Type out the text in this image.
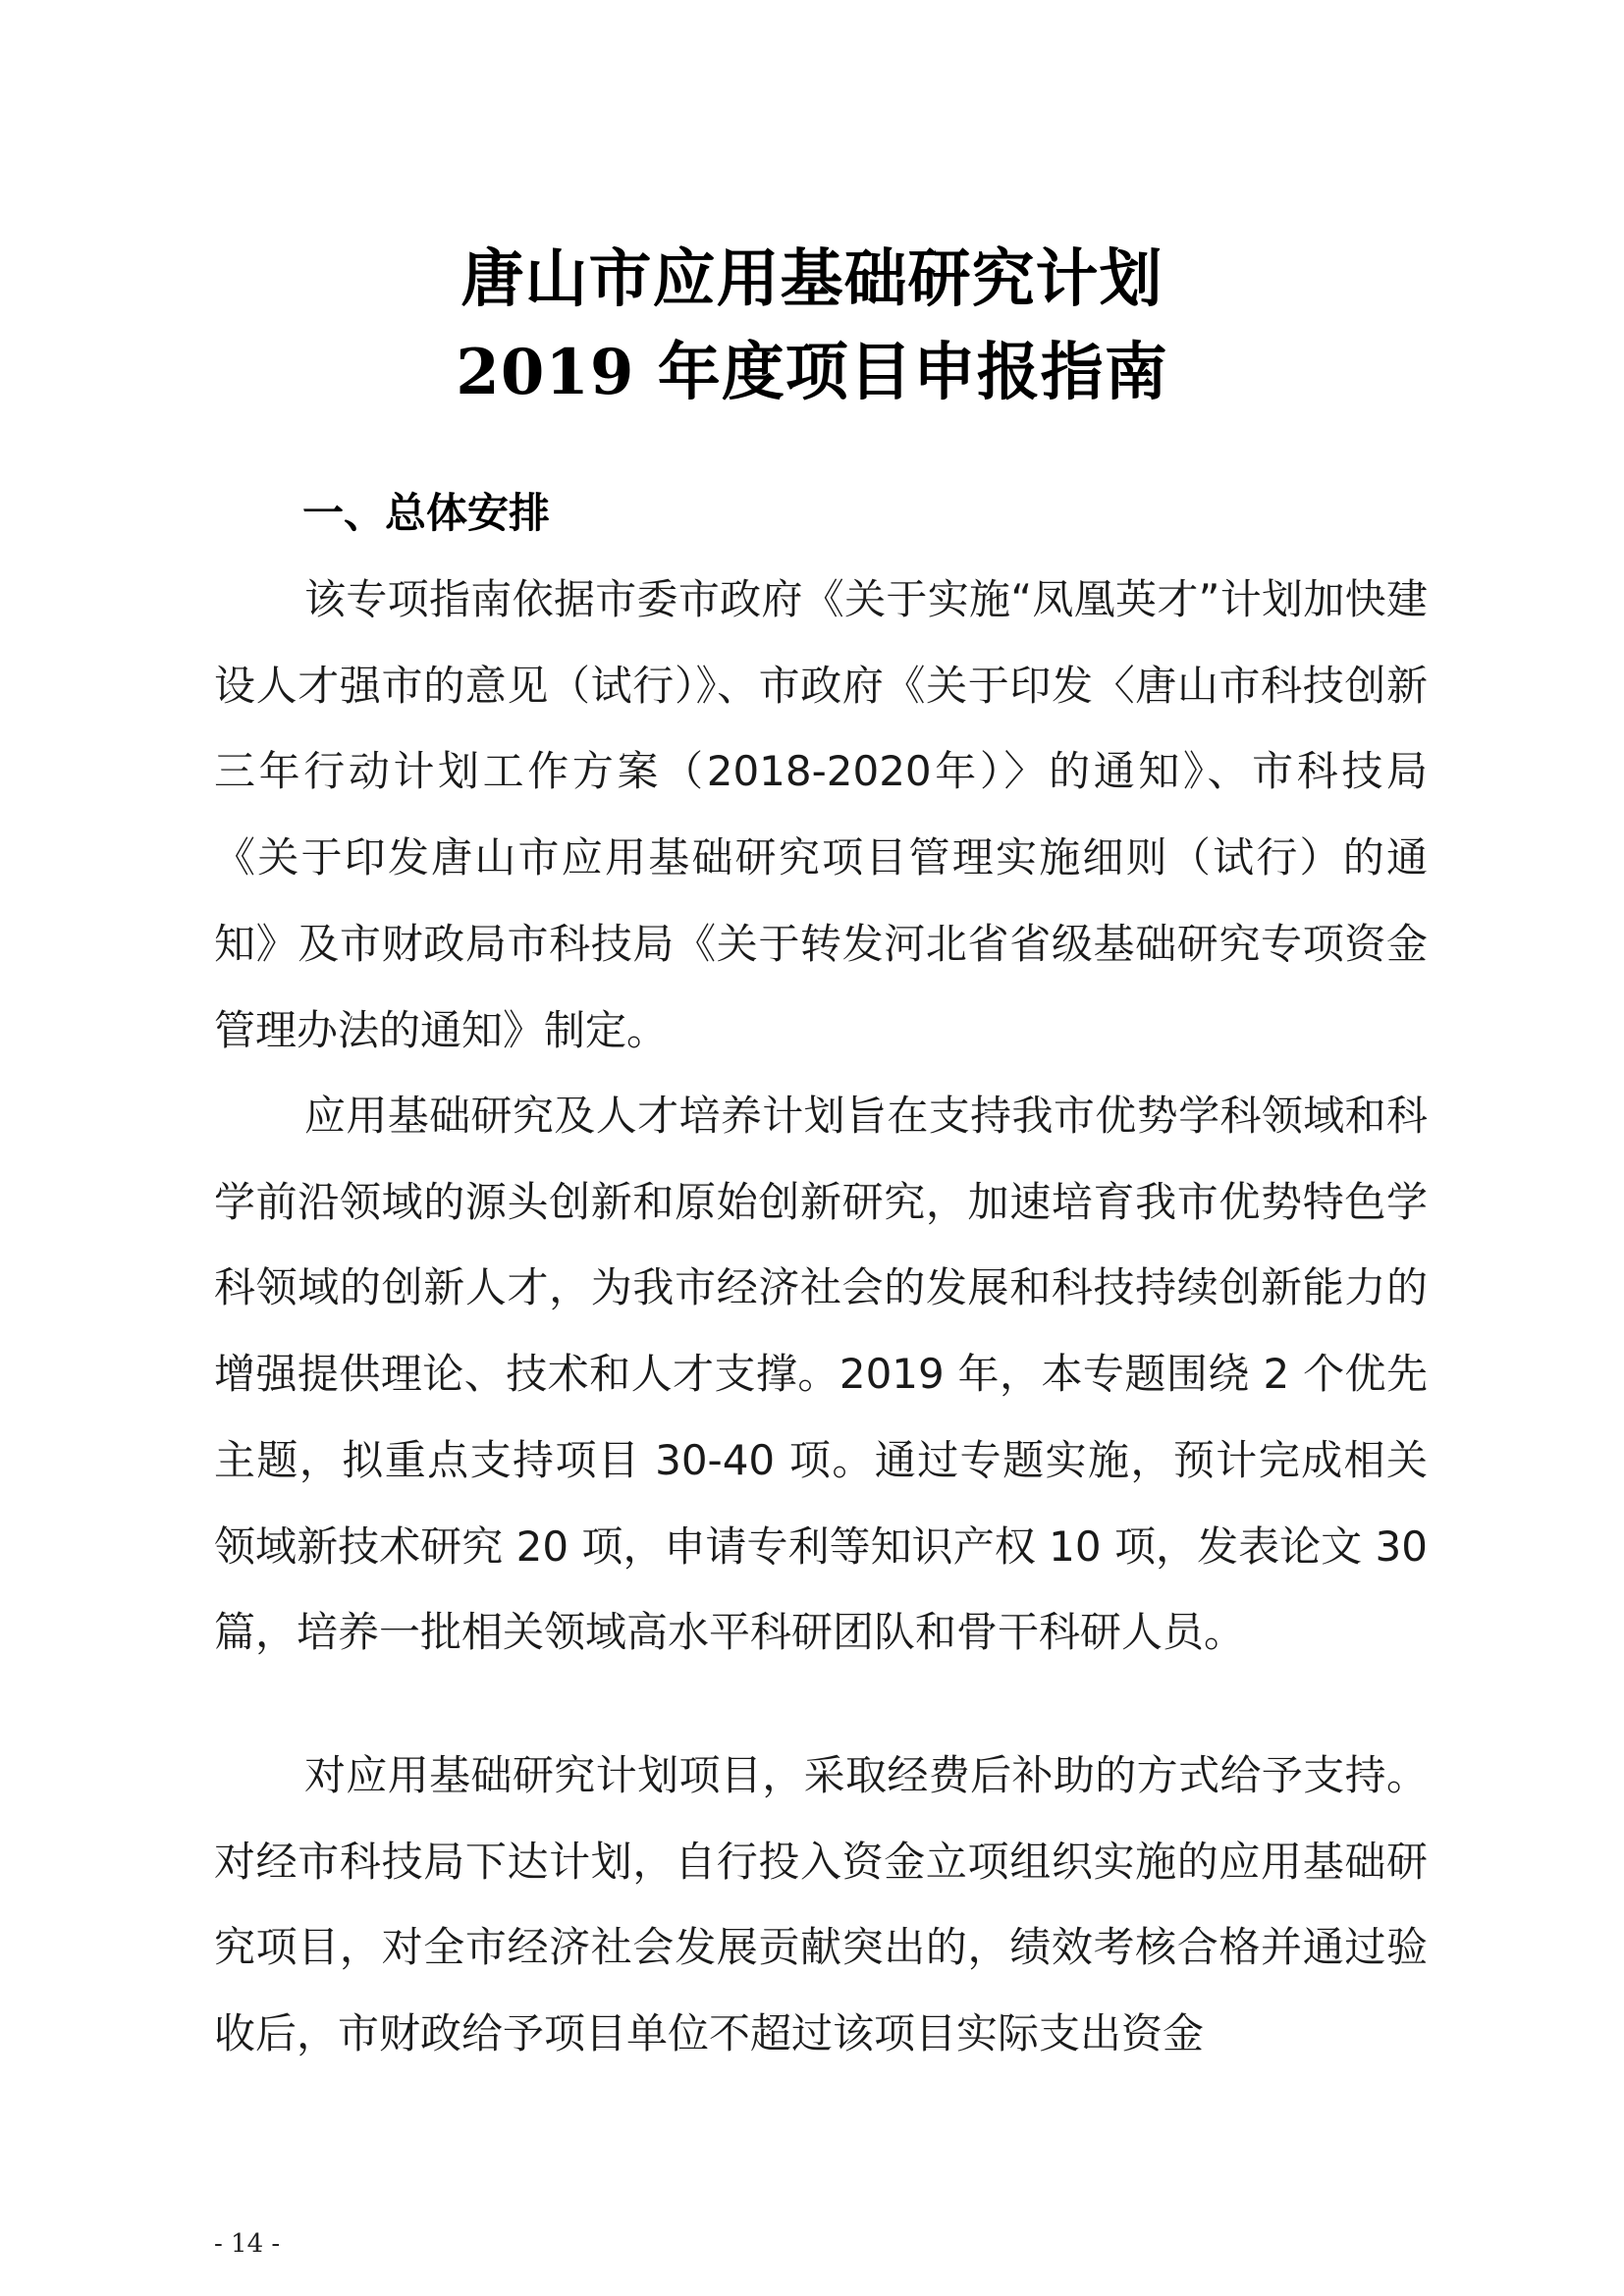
唐山市应用基础研究计划
2019 年度项目申报指南
一、总体安排

该专项指南依据市委市政府《关于实施“凤凰英才”计划加快建设人才强市的意见（试行）》、市政府《关于印发〈唐山市科技创新三年行动计划工作方案（2018-2020年）〉的通知》、市科技局《关于印发唐山市应用基础研究项目管理实施细则（试行）的通知》及市财政局市科技局《关于转发河北省省级基础研究专项资金管理办法的通知》制定。

应用基础研究及人才培养计划旨在支持我市优势学科领域和科学前沿领域的源头创新和原始创新研究，加速培育我市优势特色学科领域的创新人才，为我市经济社会的发展和科技持续创新能力的增强提供理论、技术和人才支撑。2019 年，本专题围绕 2 个优先主题，拟重点支持项目 30-40 项。通过专题实施，预计完成相关领域新技术研究 20 项，申请专利等知识产权 10 项，发表论文 30 篇，培养一批相关领域高水平科研团队和骨干科研人员。

对应用基础研究计划项目，采取经费后补助的方式给予支持。对经市科技局下达计划，自行投入资金立项组织实施的应用基础研究项目，对全市经济社会发展贡献突出的，绩效考核合格并通过验收后，市财政给予项目单位不超过该项目实际支出资金

- 14 -
